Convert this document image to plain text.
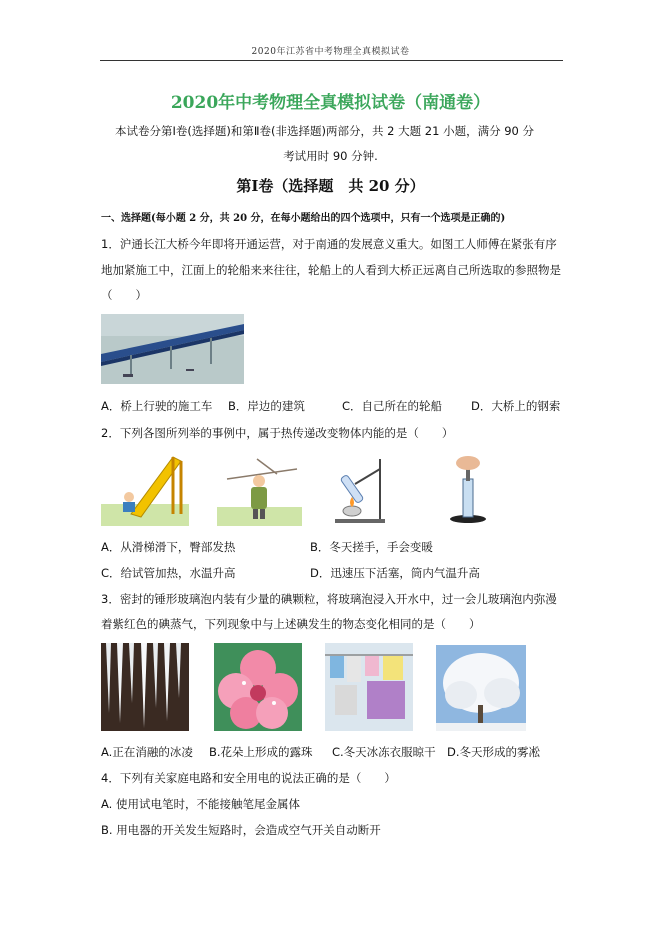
2020年江苏省中考物理全真模拟试卷
2020年中考物理全真模拟试卷（南通卷）
本试卷分第Ⅰ卷(选择题)和第Ⅱ卷(非选择题)两部分，共 2 大题 21 小题，满分 90 分
考试用时 90 分钟.
第Ⅰ卷（选择题　共 20 分）
一、选择题(每小题 2 分，共 20 分，在每小题给出的四个选项中，只有一个选项是正确的)
1．沪通长江大桥今年即将开通运营，对于南通的发展意义重大。如图工人师傅在紧张有序
地加紧施工中，江面上的轮船来来往往，轮船上的人看到大桥正远离自己所选取的参照物是
（　　）
A．桥上行驶的施工车 B．岸边的建筑	C．自己所在的轮船	D．大桥上的钢索
2．下列各图所列举的事例中，属于热传递改变物体内能的是（　　）
A．从滑梯滑下，臀部发热	B．冬天搓手，手会变暖
C．给试管加热，水温升高	D．迅速压下活塞，筒内气温升高
3．密封的锤形玻璃泡内装有少量的碘颗粒，将玻璃泡浸入开水中，过一会儿玻璃泡内弥漫
着紫红色的碘蒸气，下列现象中与上述碘发生的物态变化相同的是（　　）
A.正在消融的冰凌 B.花朵上形成的露珠 C.冬天冰冻衣服晾干 D.冬天形成的雾凇
4．下列有关家庭电路和安全用电的说法正确的是（　　）
A. 使用试电笔时，不能接触笔尾金属体
B. 用电器的开关发生短路时，会造成空气开关自动断开
